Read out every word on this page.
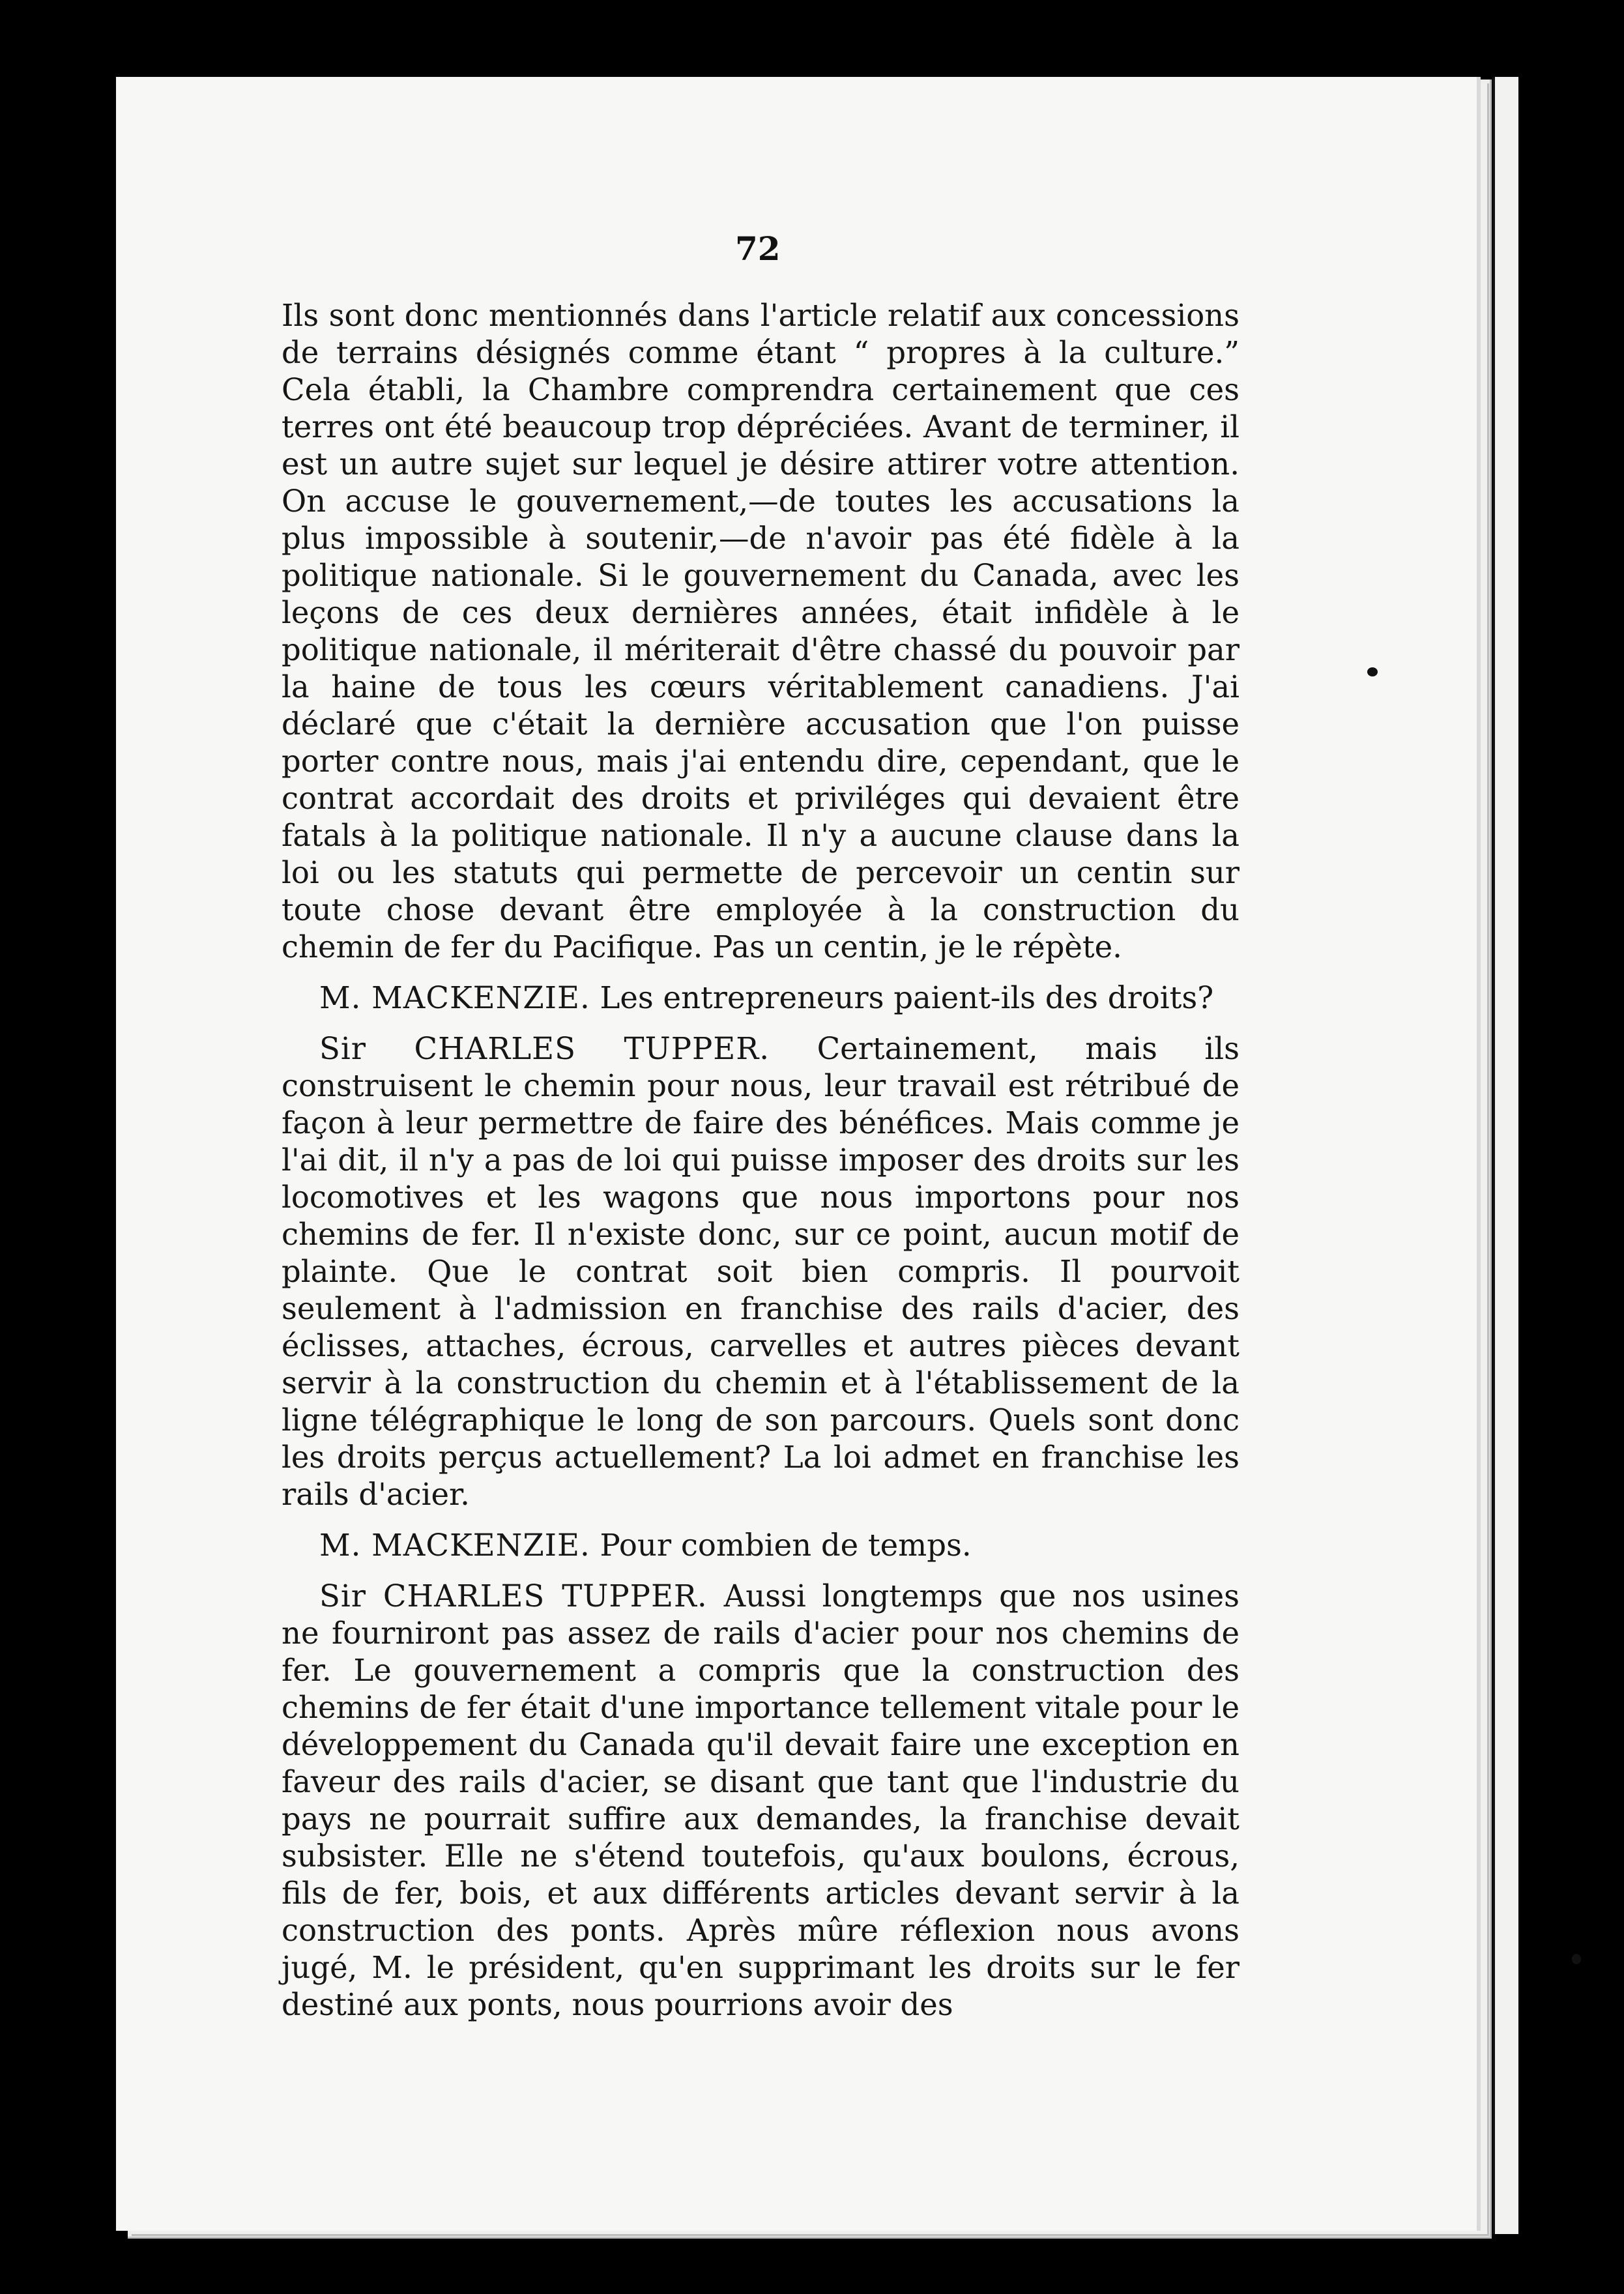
72

Ils sont donc mentionnés dans l'article relatif aux concessions de terrains désignés comme étant “ propres à la culture.” Cela établi, la Chambre comprendra certainement que ces terres ont été beaucoup trop dépréciées. Avant de terminer, il est un autre sujet sur lequel je désire attirer votre attention. On accuse le gouvernement,—de toutes les accusations la plus impossible à soutenir,—de n'avoir pas été fidèle à la politique nationale. Si le gouvernement du Canada, avec les leçons de ces deux dernières années, était infidèle à le politique nationale, il mériterait d'être chassé du pouvoir par la haine de tous les cœurs véritablement canadiens. J'ai déclaré que c'était la dernière accusation que l'on puisse porter contre nous, mais j'ai entendu dire, cependant, que le contrat accordait des droits et priviléges qui devaient être fatals à la politique nationale. Il n'y a aucune clause dans la loi ou les statuts qui permette de percevoir un centin sur toute chose devant être employée à la construction du chemin de fer du Pacifique. Pas un centin, je le répète.

M. MACKENZIE. Les entrepreneurs paient-ils des droits?

Sir CHARLES TUPPER. Certainement, mais ils construisent le chemin pour nous, leur travail est rétribué de façon à leur permettre de faire des bénéfices. Mais comme je l'ai dit, il n'y a pas de loi qui puisse imposer des droits sur les locomotives et les wagons que nous importons pour nos chemins de fer. Il n'existe donc, sur ce point, aucun motif de plainte. Que le contrat soit bien compris. Il pourvoit seulement à l'admission en franchise des rails d'acier, des éclisses, attaches, écrous, carvelles et autres pièces devant servir à la construction du chemin et à l'établissement de la ligne télégraphique le long de son parcours. Quels sont donc les droits perçus actuellement? La loi admet en franchise les rails d'acier.

M. MACKENZIE. Pour combien de temps.

Sir CHARLES TUPPER. Aussi longtemps que nos usines ne fourniront pas assez de rails d'acier pour nos chemins de fer. Le gouvernement a compris que la construction des chemins de fer était d'une importance tellement vitale pour le développement du Canada qu'il devait faire une exception en faveur des rails d'acier, se disant que tant que l'industrie du pays ne pourrait suffire aux demandes, la franchise devait subsister. Elle ne s'étend toutefois, qu'aux boulons, écrous, fils de fer, bois, et aux différents articles devant servir à la construction des ponts. Après mûre réflexion nous avons jugé, M. le président, qu'en supprimant les droits sur le fer destiné aux ponts, nous pourrions avoir des
